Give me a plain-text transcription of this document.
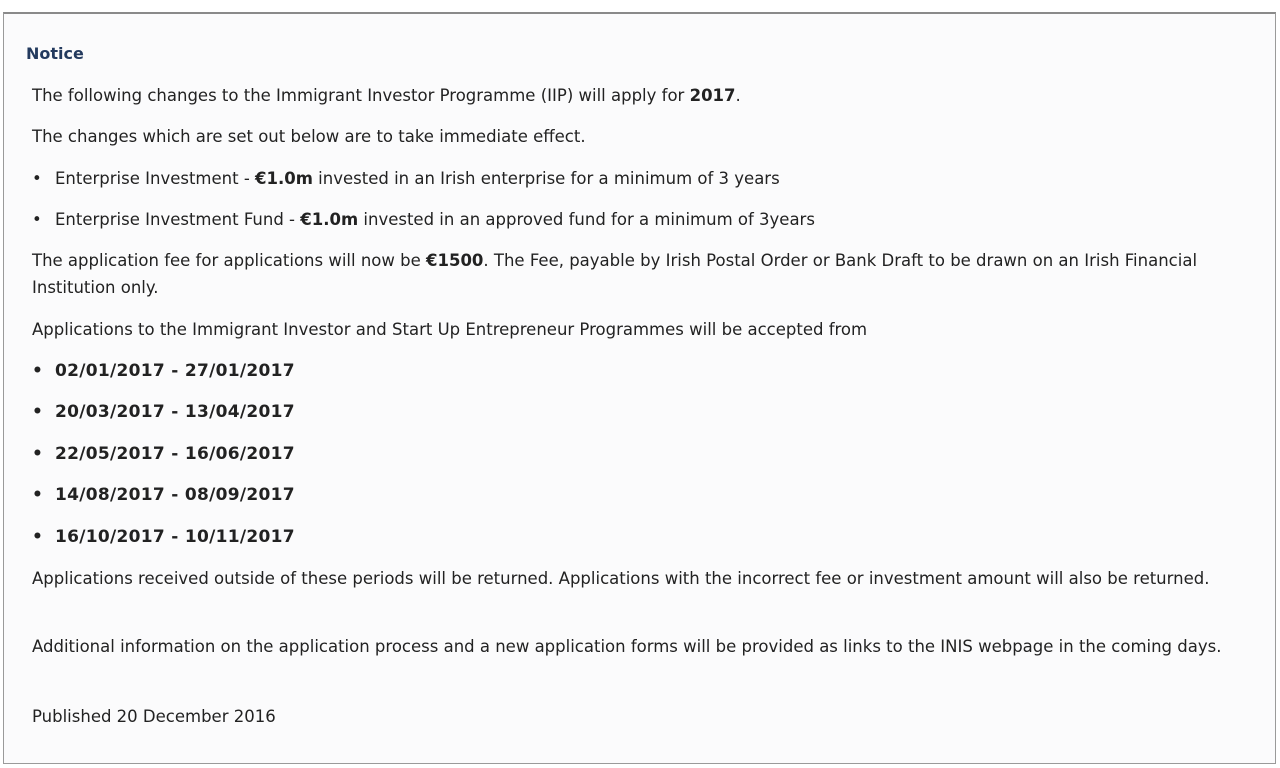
Notice

The following changes to the Immigrant Investor Programme (IIP) will apply for 2017.

The changes which are set out below are to take immediate effect.

• Enterprise Investment - €1.0m invested in an Irish enterprise for a minimum of 3 years
• Enterprise Investment Fund - €1.0m invested in an approved fund for a minimum of 3years

The application fee for applications will now be €1500. The Fee, payable by Irish Postal Order or Bank Draft to be drawn on an Irish Financial Institution only.

Applications to the Immigrant Investor and Start Up Entrepreneur Programmes will be accepted from

• 02/01/2017 - 27/01/2017
• 20/03/2017 - 13/04/2017
• 22/05/2017 - 16/06/2017
• 14/08/2017 - 08/09/2017
• 16/10/2017 - 10/11/2017

Applications received outside of these periods will be returned. Applications with the incorrect fee or investment amount will also be returned.

Additional information on the application process and a new application forms will be provided as links to the INIS webpage in the coming days.

Published 20 December 2016
